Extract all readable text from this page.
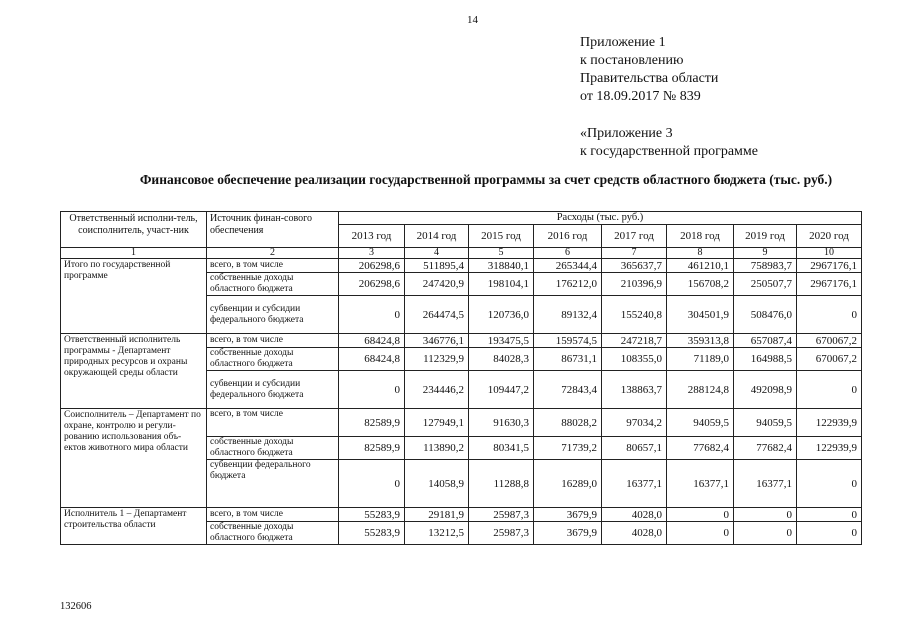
14
Приложение 1
к постановлению
Правительства области
от 18.09.2017 № 839
«Приложение 3
к государственной программе
Финансовое обеспечение реализации государственной программы за счет средств областного бюджета (тыс. руб.)
Ответственный исполни-тель, соисполнитель, участ-ник	Источник финан-сового обеспечения	Расходы (тыс. руб.)							
		2013 год	2014 год	2015 год	2016 год	2017 год	2018 год	2019 год	2020 год
1	2	3	4	5	6	7	8	9	10
Итого по государственной программе	всего, в том числе	206298,6	511895,4	318840,1	265344,4	365637,7	461210,1	758983,7	2967176,1
	собственные доходы областного бюджета	206298,6	247420,9	198104,1	176212,0	210396,9	156708,2	250507,7	2967176,1
	субвенции и субсидии федерального бюджета	0	264474,5	120736,0	89132,4	155240,8	304501,9	508476,0	0
Ответственный исполнитель программы - Департамент природных ресурсов и охраны окружающей среды области	всего, в том числе	68424,8	346776,1	193475,5	159574,5	247218,7	359313,8	657087,4	670067,2
	собственные доходы областного бюджета	68424,8	112329,9	84028,3	86731,1	108355,0	71189,0	164988,5	670067,2
	субвенции и субсидии федерального бюджета	0	234446,2	109447,2	72843,4	138863,7	288124,8	492098,9	0
Соисполнитель – Департамент по охране, контролю и регули-рованию использования объ-ектов животного мира области	всего, в том числе	82589,9	127949,1	91630,3	88028,2	97034,2	94059,5	94059,5	122939,9
	собственные доходы областного бюджета	82589,9	113890,2	80341,5	71739,2	80657,1	77682,4	77682,4	122939,9
	субвенции федерального бюджета	0	14058,9	11288,8	16289,0	16377,1	16377,1	16377,1	0
Исполнитель 1 – Департамент строительства области	всего, в том числе	55283,9	29181,9	25987,3	3679,9	4028,0	0	0	0
	собственные доходы областного бюджета	55283,9	13212,5	25987,3	3679,9	4028,0	0	0	0
132606
